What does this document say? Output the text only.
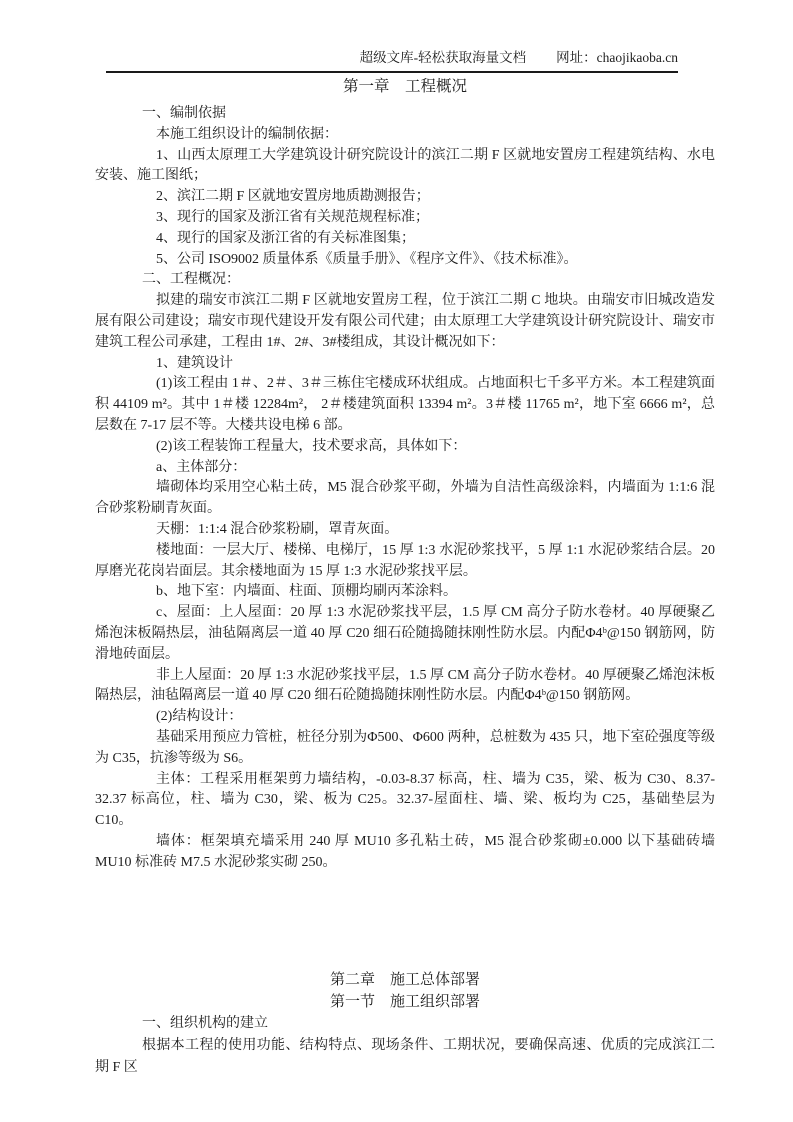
超级文库-轻松获取海量文档 网址：chaojikaoba.cn
第一章　工程概况

一、编制依据

本施工组织设计的编制依据：

1、山西太原理工大学建筑设计研究院设计的滨江二期 F 区就地安置房工程建筑结构、水电安装、施工图纸；

2、滨江二期 F 区就地安置房地质勘测报告；

3、现行的国家及浙江省有关规范规程标准；

4、现行的国家及浙江省的有关标准图集；

5、公司 ISO9002 质量体系《质量手册》、《程序文件》、《技术标准》。

二、工程概况：

拟建的瑞安市滨江二期 F 区就地安置房工程，位于滨江二期 C 地块。由瑞安市旧城改造发展有限公司建设；瑞安市现代建设开发有限公司代建；由太原理工大学建筑设计研究院设计、瑞安市建筑工程公司承建，工程由 1#、2#、3#楼组成，其设计概况如下：

1、建筑设计

(1)该工程由 1＃、2＃、3＃三栋住宅楼成环状组成。占地面积七千多平方米。本工程建筑面积 44109 m²。其中 1＃楼 12284m²， 2＃楼建筑面积 13394 m²。3＃楼 11765 m²，地下室 6666 m²，总层数在 7-17 层不等。大楼共设电梯 6 部。

(2)该工程装饰工程量大，技术要求高，具体如下：

a、主体部分：

墙砌体均采用空心粘土砖，M5 混合砂浆平砌，外墙为自洁性高级涂料，内墙面为 1:1:6 混合砂浆粉刷青灰面。

天棚：1:1:4 混合砂浆粉刷，罩青灰面。

楼地面：一层大厅、楼梯、电梯厅，15 厚 1:3 水泥砂浆找平，5 厚 1:1 水泥砂浆结合层。20 厚磨光花岗岩面层。其余楼地面为 15 厚 1:3 水泥砂浆找平层。

b、地下室：内墙面、柱面、顶棚均刷丙苯涂料。

c、屋面：上人屋面：20 厚 1:3 水泥砂浆找平层，1.5 厚 CM 高分子防水卷材。40 厚硬聚乙烯泡沫板隔热层，油毡隔离层一道 40 厚 C20 细石砼随捣随抹刚性防水层。内配Φ4ᵇ@150 钢筋网，防滑地砖面层。

非上人屋面：20 厚 1:3 水泥砂浆找平层，1.5 厚 CM 高分子防水卷材。40 厚硬聚乙烯泡沫板隔热层，油毡隔离层一道 40 厚 C20 细石砼随捣随抹刚性防水层。内配Φ4ᵇ@150 钢筋网。

(2)结构设计：

基础采用预应力管桩，桩径分别为Φ500、Φ600 两种，总桩数为 435 只，地下室砼强度等级为 C35，抗渗等级为 S6。

主体：工程采用框架剪力墙结构，-0.03-8.37 标高，柱、墙为 C35，梁、板为 C30、8.37-32.37 标高位，柱、墙为 C30，梁、板为 C25。32.37-屋面柱、墙、梁、板均为 C25，基础垫层为 C10。

墙体：框架填充墙采用 240 厚 MU10 多孔粘土砖，M5 混合砂浆砌±0.000 以下基础砖墙 MU10 标准砖 M7.5 水泥砂浆实砌 250。

第二章　施工总体部署
第一节　施工组织部署

一、组织机构的建立

根据本工程的使用功能、结构特点、现场条件、工期状况，要确保高速、优质的完成滨江二期 F 区
